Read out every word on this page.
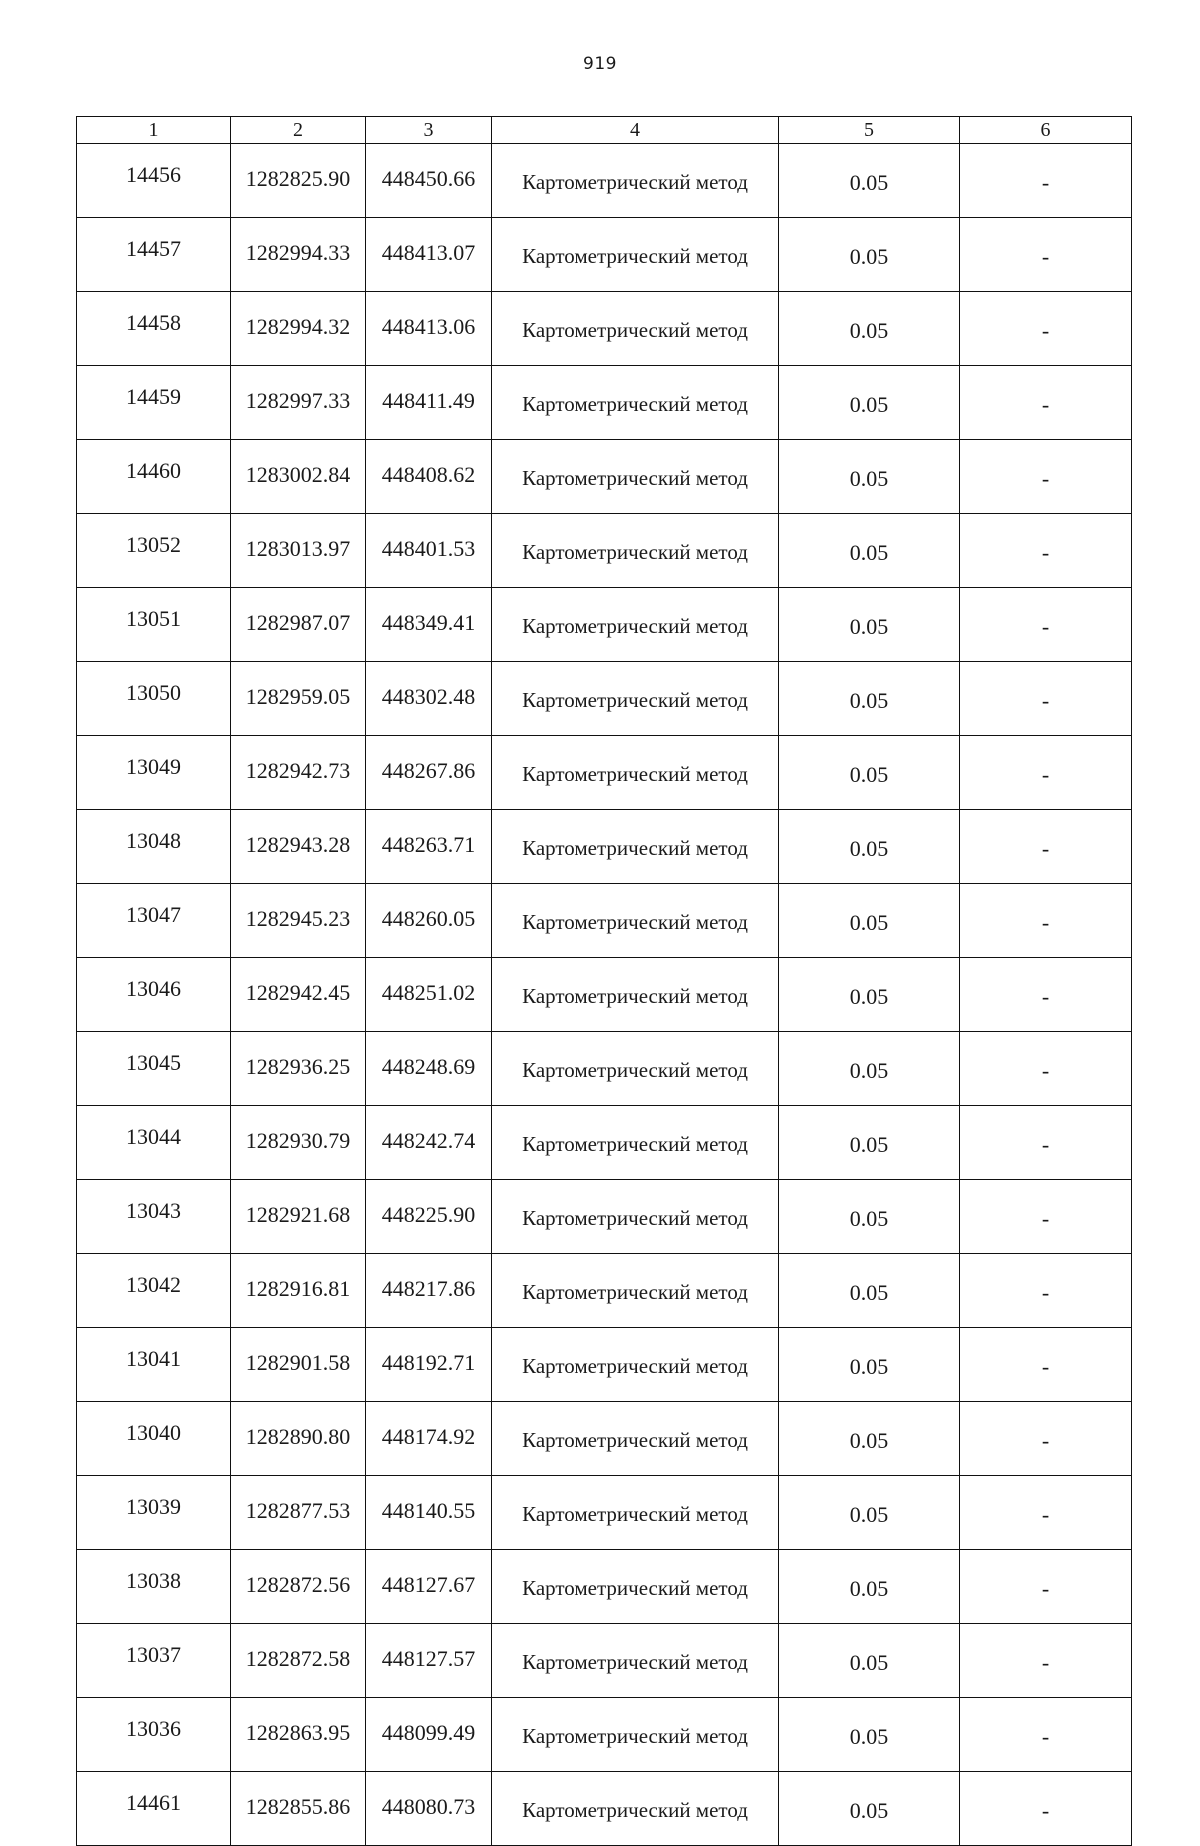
919
1	2	3	4	5	6
14456	1282825.90	448450.66	Картометрический метод	0.05	-
14457	1282994.33	448413.07	Картометрический метод	0.05	-
14458	1282994.32	448413.06	Картометрический метод	0.05	-
14459	1282997.33	448411.49	Картометрический метод	0.05	-
14460	1283002.84	448408.62	Картометрический метод	0.05	-
13052	1283013.97	448401.53	Картометрический метод	0.05	-
13051	1282987.07	448349.41	Картометрический метод	0.05	-
13050	1282959.05	448302.48	Картометрический метод	0.05	-
13049	1282942.73	448267.86	Картометрический метод	0.05	-
13048	1282943.28	448263.71	Картометрический метод	0.05	-
13047	1282945.23	448260.05	Картометрический метод	0.05	-
13046	1282942.45	448251.02	Картометрический метод	0.05	-
13045	1282936.25	448248.69	Картометрический метод	0.05	-
13044	1282930.79	448242.74	Картометрический метод	0.05	-
13043	1282921.68	448225.90	Картометрический метод	0.05	-
13042	1282916.81	448217.86	Картометрический метод	0.05	-
13041	1282901.58	448192.71	Картометрический метод	0.05	-
13040	1282890.80	448174.92	Картометрический метод	0.05	-
13039	1282877.53	448140.55	Картометрический метод	0.05	-
13038	1282872.56	448127.67	Картометрический метод	0.05	-
13037	1282872.58	448127.57	Картометрический метод	0.05	-
13036	1282863.95	448099.49	Картометрический метод	0.05	-
14461	1282855.86	448080.73	Картометрический метод	0.05	-
